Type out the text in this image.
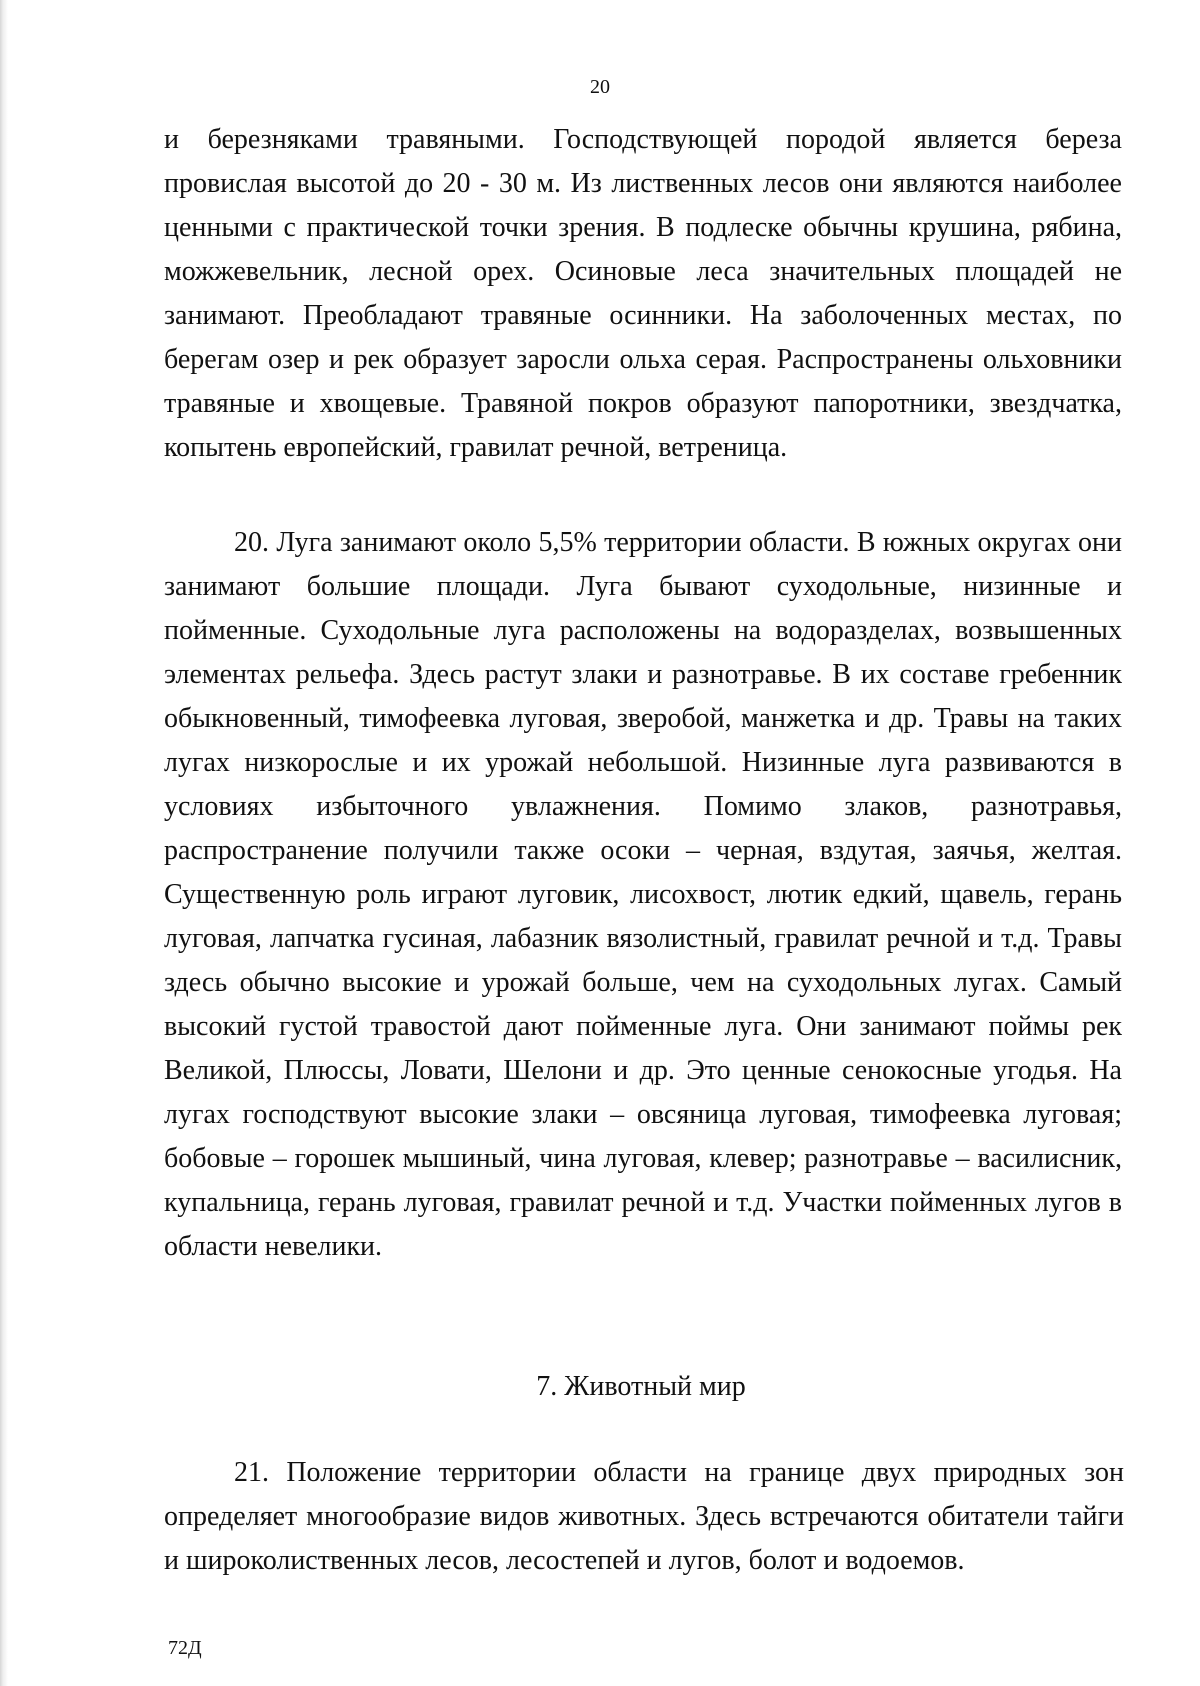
20

и березняками травяными. Господствующей породой является береза провислая высотой до 20 - 30 м. Из лиственных лесов они являются наиболее ценными с практической точки зрения. В подлеске обычны крушина, рябина, можжевельник, лесной орех. Осиновые леса значительных площадей не занимают. Преобладают травяные осинники. На заболоченных местах, по берегам озер и рек образует заросли ольха серая. Распространены ольховники травяные и хвощевые. Травяной покров образуют папоротники, звездчатка, копытень европейский, гравилат речной, ветреница.

20. Луга занимают около 5,5% территории области. В южных округах они занимают большие площади. Луга бывают суходольные, низинные и пойменные. Суходольные луга расположены на водоразделах, возвышенных элементах рельефа. Здесь растут злаки и разнотравье. В их составе гребенник обыкновенный, тимофеевка луговая, зверобой, манжетка и др. Травы на таких лугах низкорослые и их урожай небольшой. Низинные луга развиваются в условиях избыточного увлажнения. Помимо злаков, разнотравья, распространение получили также осоки – черная, вздутая, заячья, желтая. Существенную роль играют луговик, лисохвост, лютик едкий, щавель, герань луговая, лапчатка гусиная, лабазник вязолистный, гравилат речной и т.д. Травы здесь обычно высокие и урожай больше, чем на суходольных лугах. Самый высокий густой травостой дают пойменные луга. Они занимают поймы рек Великой, Плюссы, Ловати, Шелони и др. Это ценные сенокосные угодья. На лугах господствуют высокие злаки – овсяница луговая, тимофеевка луговая; бобовые – горошек мышиный, чина луговая, клевер; разнотравье – василисник, купальница, герань луговая, гравилат речной и т.д. Участки пойменных лугов в области невелики.

7. Животный мир

21. Положение территории области на границе двух природных зон определяет многообразие видов животных. Здесь встречаются обитатели тайги и широколиственных лесов, лесостепей и лугов, болот и водоемов.

72Д
